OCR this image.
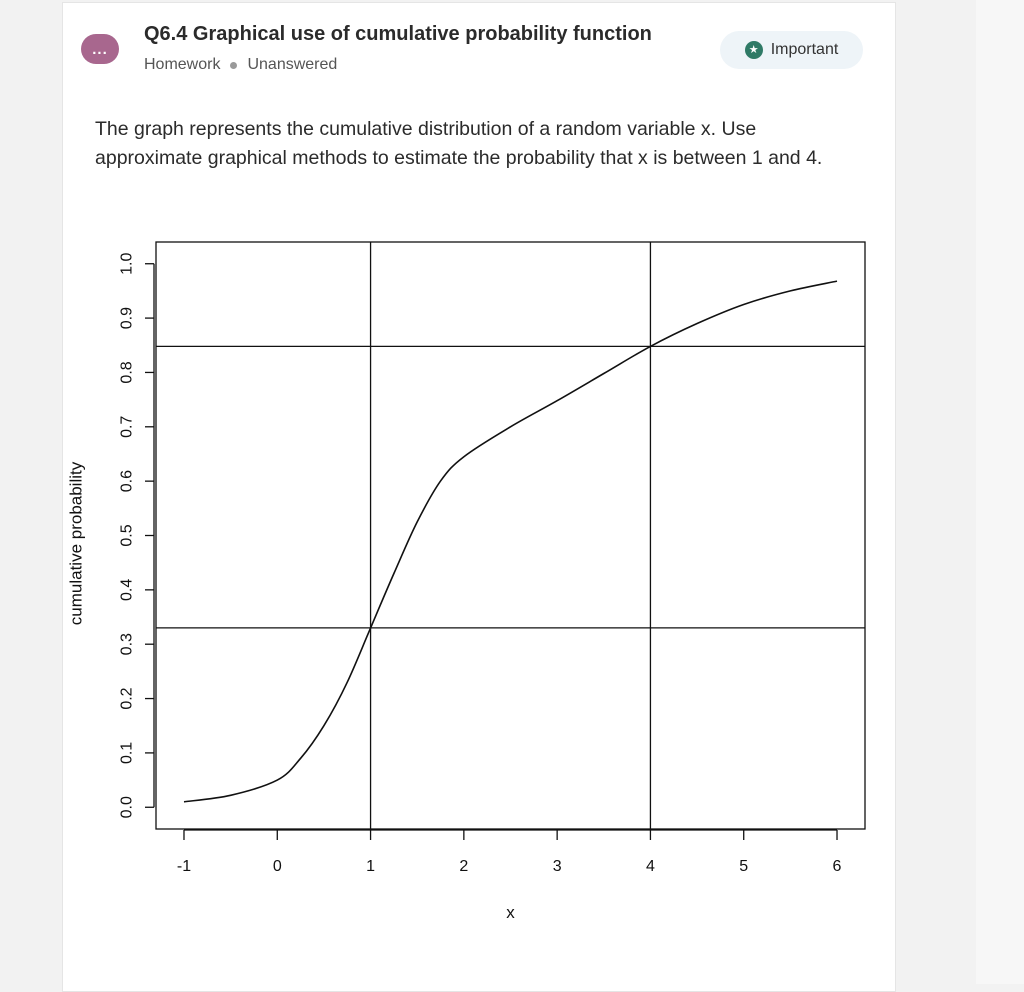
...
Q6.4 Graphical use of cumulative probability function
Homework Unanswered
★ Important
The graph represents the cumulative distribution of a random variable x. Use approximate graphical methods to estimate the probability that x is between 1 and 4.
-1	0	1	2	3	4	5	6
x
0.0
0.1
0.2
0.3
0.4
0.5
0.6
0.7
0.8
0.9
1.0
cumulative probability
